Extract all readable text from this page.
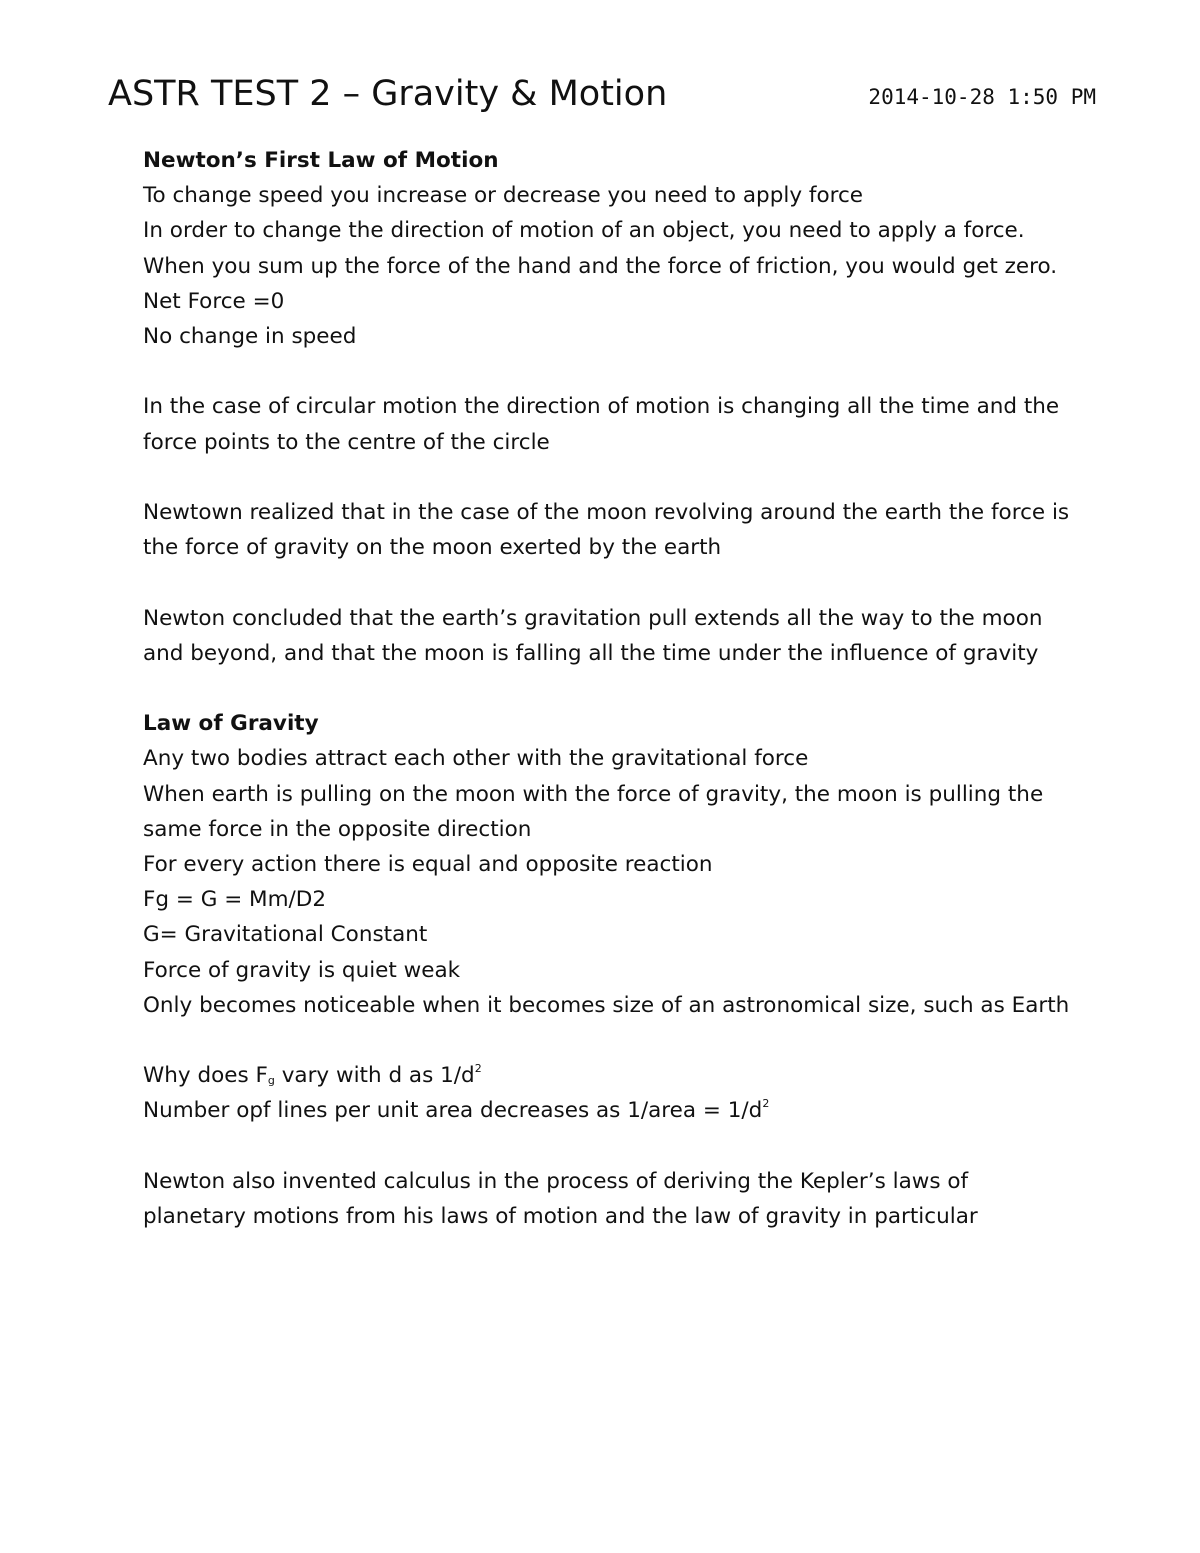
ASTR TEST 2 – Gravity & Motion	2014-10-28 1:50 PM

Newton’s First Law of Motion

To change speed you increase or decrease you need to apply force

In order to change the direction of motion of an object, you need to apply a force.

When you sum up the force of the hand and the force of friction, you would get zero.

Net Force =0

No change in speed

In the case of circular motion the direction of motion is changing all the time and the force points to the centre of the circle

Newtown realized that in the case of the moon revolving around the earth the force is the force of gravity on the moon exerted by the earth

Newton concluded that the earth’s gravitation pull extends all the way to the moon and beyond, and that the moon is falling all the time under the influence of gravity

Law of Gravity

Any two bodies attract each other with the gravitational force

When earth is pulling on the moon with the force of gravity, the moon is pulling the same force in the opposite direction

For every action there is equal and opposite reaction

Fg = G = Mm/D2

G= Gravitational Constant

Force of gravity is quiet weak

Only becomes noticeable when it becomes size of an astronomical size, such as Earth

Why does $F_g$ vary with d as $1/d^2$

Number opf lines per unit area decreases as 1/area = $1/d^2$

Newton also invented calculus in the process of deriving the Kepler’s laws of planetary motions from his laws of motion and the law of gravity in particular
